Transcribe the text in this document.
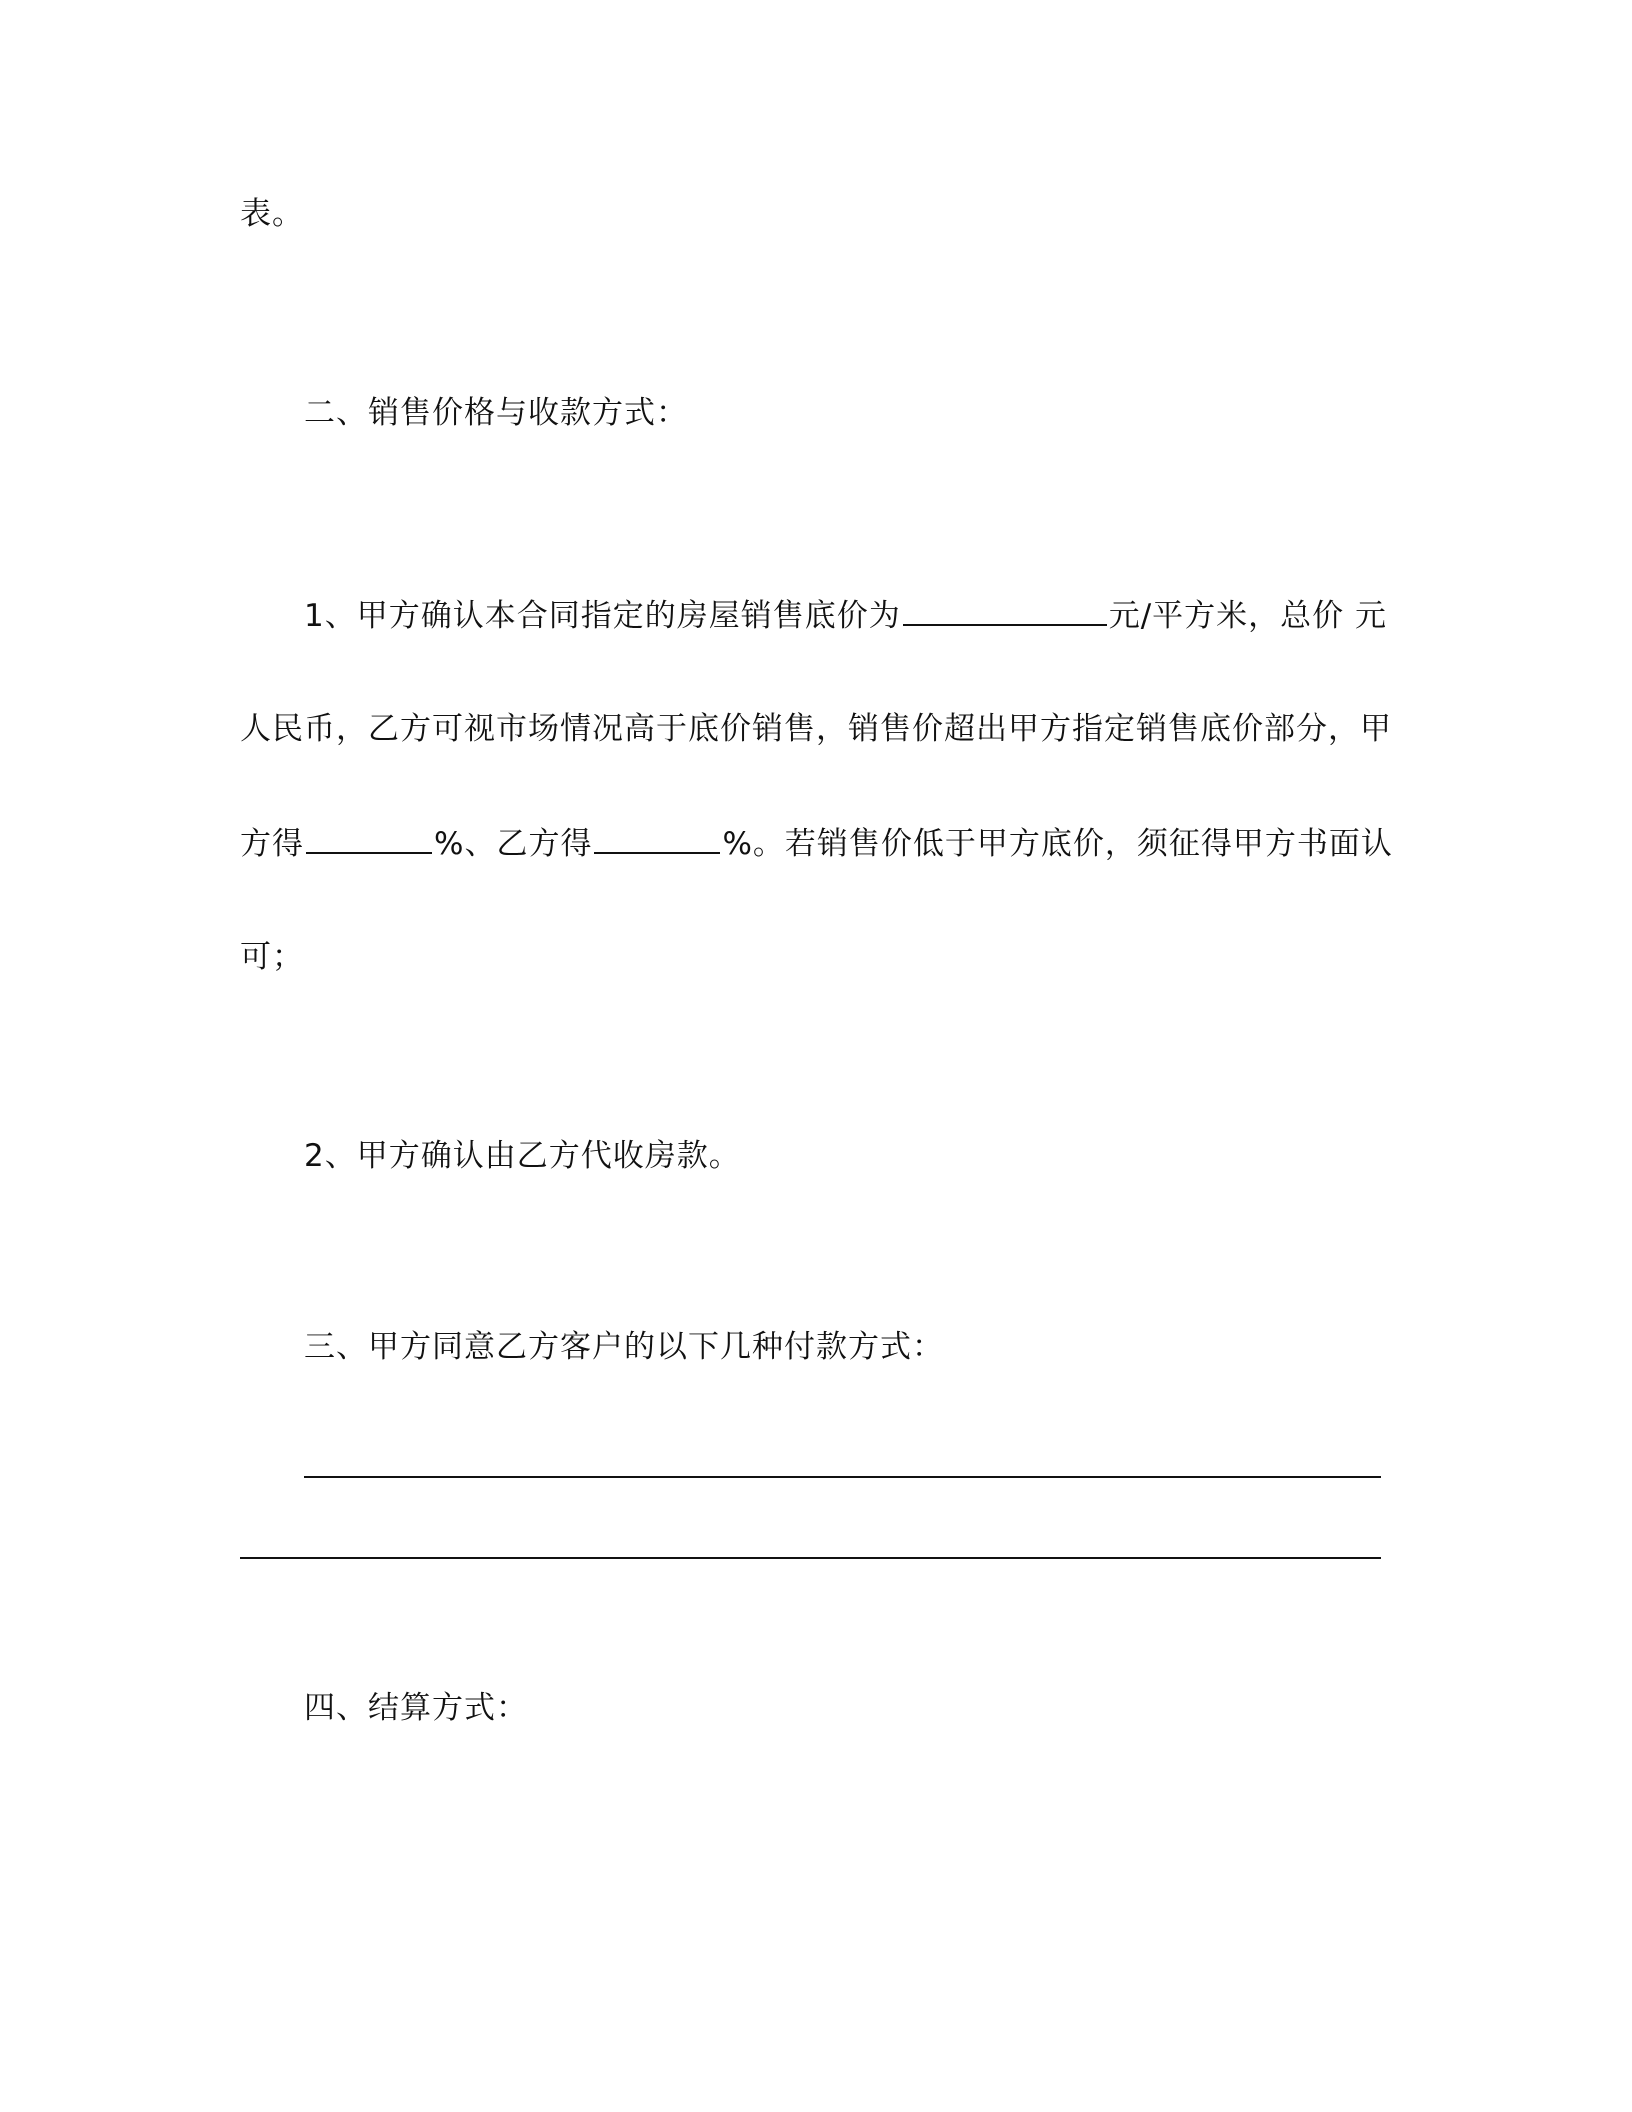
表。
二、销售价格与收款方式：
1、甲方确认本合同指定的房屋销售底价为	元/平方米，总价 元
人民币，乙方可视市场情况高于底价销售，销售价超出甲方指定销售底价部分，甲
方得	%、乙方得	%。若销售价低于甲方底价，须征得甲方书面认
可；
2、甲方确认由乙方代收房款。
三、甲方同意乙方客户的以下几种付款方式：
四、结算方式：
